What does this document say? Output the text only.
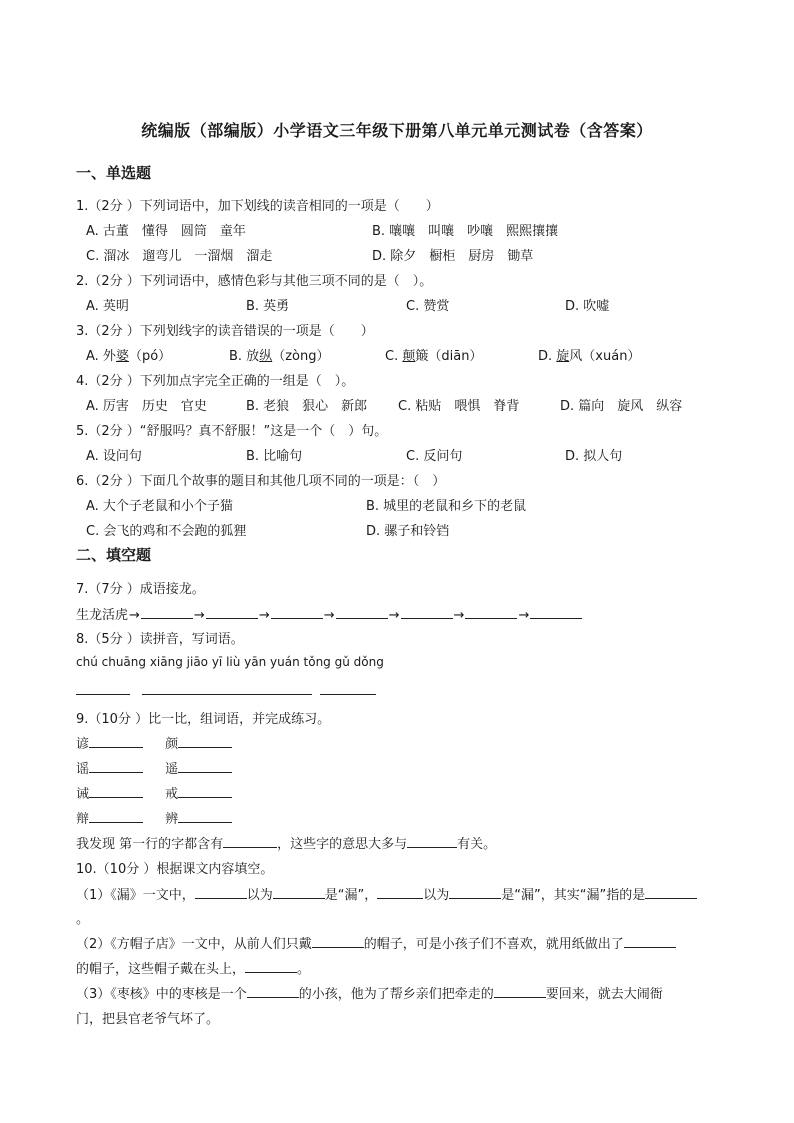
统编版（部编版）小学语文三年级下册第八单元单元测试卷（含答案）
一、单选题
1.（2分 ）下列词语中，加下划线的读音相同的一项是（　　）
A. 古董　懂得　圆筒　童年	B. 嚷嚷　叫嚷　吵嚷　熙熙攘攘
C. 溜冰　遛弯儿　一溜烟　溜走	D. 除夕　橱柜　厨房　锄草
2.（2分 ）下列词语中，感情色彩与其他三项不同的是（　）。
A. 英明	B. 英勇	C. 赞赏	D. 吹嘘
3.（2分 ）下列划线字的读音错误的一项是（　　）
A. 外婆（pó）	B. 放纵（zòng）	C. 颠簸（diān）	D. 旋风（xuán）
4.（2分 ）下列加点字完全正确的一组是（　）。
A. 厉害　历史　官史	B. 老狼　狠心　新郎 C. 粘贴　喂惧　脊背	D. 篇向　旋风　纵容
5.（2分 ）“舒服吗？真不舒服！”这是一个（　）句。
A. 设问句	B. 比喻句	C. 反问句	D. 拟人句
6.（2分 ）下面几个故事的题目和其他几项不同的一项是：（　）
A. 大个子老鼠和小个子猫	B. 城里的老鼠和乡下的老鼠
C. 会飞的鸡和不会跑的狐狸	D. 骡子和铃铛
二、填空题
7.（7分 ）成语接龙。
生龙活虎→	→	→	→	→	→	→
8.（5分 ）读拼音，写词语。
chú chuāng xiāng jiāo yī liù yān yuán tǒng gǔ dǒng

9.（10分 ）比一比，组词语，并完成练习。
谚	颜
谣	遥
诫	戒
辩	辨
我发现 第一行的字都含有	，这些字的意思大多与	有关。
10.（10分 ）根据课文内容填空。
（1）《漏》一文中，	以为	是“漏”，	以为	是“漏”，其实“漏”指的是
。
（2）《方帽子店》一文中，从前人们只戴	的帽子，可是小孩子们不喜欢，就用纸做出了
的帽子，这些帽子戴在头上，	。
（3）《枣核》中的枣核是一个	的小孩，他为了帮乡亲们把牵走的	要回来，就去大闹衙
门，把县官老爷气坏了。
